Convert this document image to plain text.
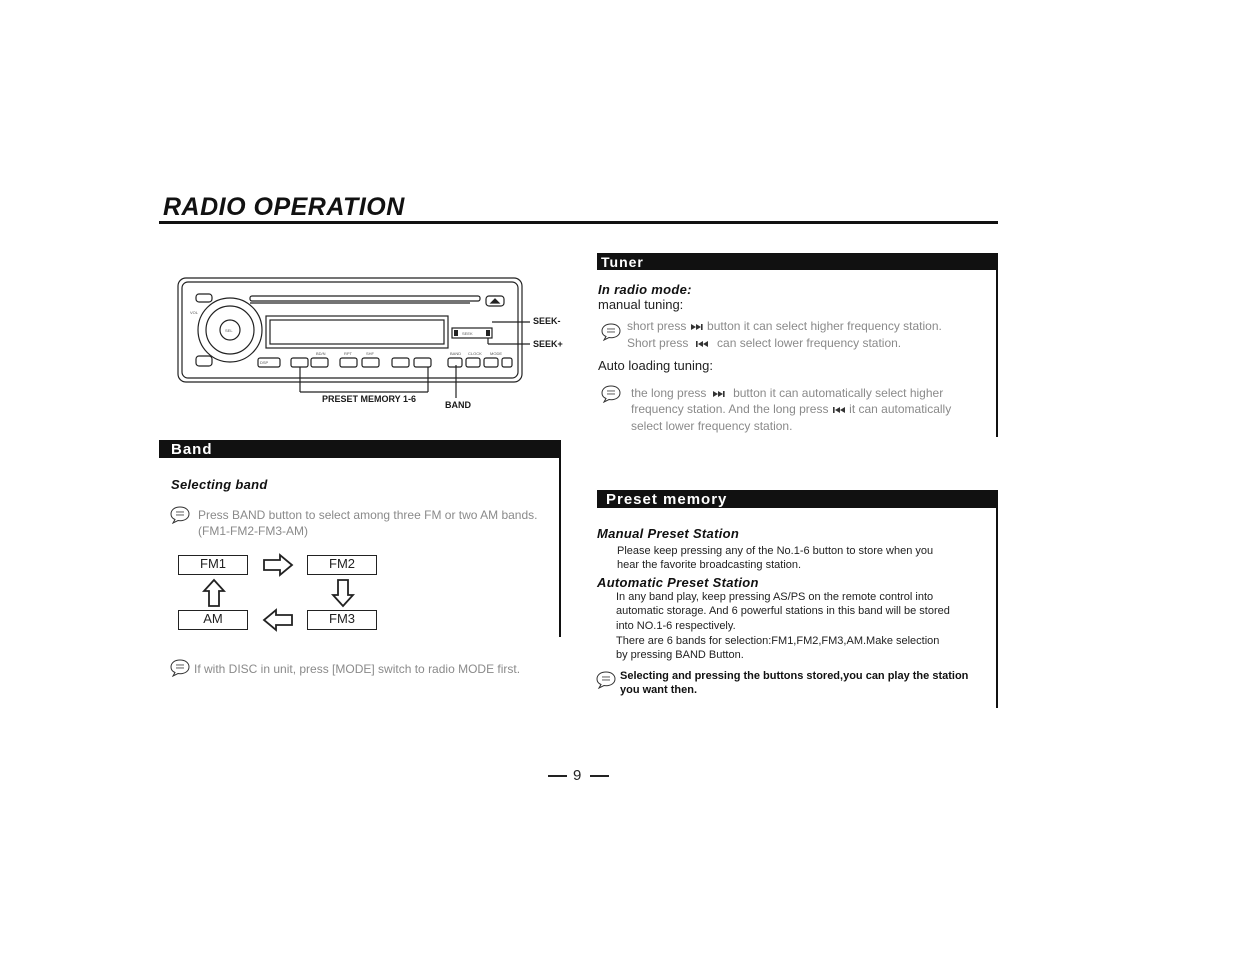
RADIO OPERATION
VOL
SEL
DSP
SEEK
BD/N	RPT	SHF	BAND CLOCK MODE
SEEK-
SEEK+
PRESET MEMORY 1-6
BAND
Band
Selecting band
Press BAND button to select among three FM or two AM bands.
(FM1-FM2-FM3-AM)
FM1	FM2
AM	FM3
If with DISC in unit, press [MODE] switch to radio MODE first.
Tuner
In radio mode:
manual tuning:
short press button it can select higher frequency station.
Short press can select lower frequency station.
Auto loading tuning:
the long press button it can automatically select higher
frequency station. And the long press it can automatically
select lower frequency station.
Preset memory
Manual Preset Station
Please keep pressing any of the No.1-6 button to store when you
hear the favorite broadcasting station.
Automatic Preset Station
In any band play, keep pressing AS/PS on the remote control into
automatic storage. And 6 powerful stations in this band will be stored
into NO.1-6 respectively.
There are 6 bands for selection:FM1,FM2,FM3,AM.Make selection
by pressing BAND Button.
Selecting and pressing the buttons stored,you can play the station
you want then.
9
